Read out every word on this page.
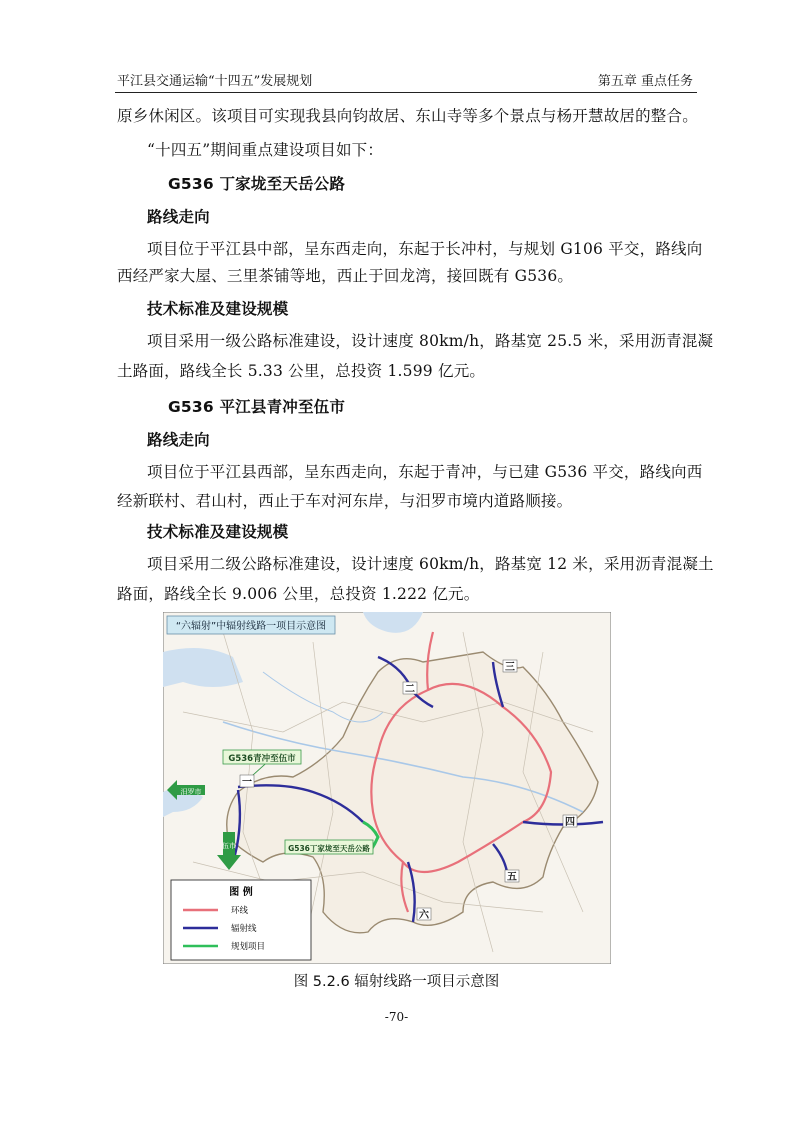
平江县交通运输“十四五”发展规划	第五章 重点任务
原乡休闲区。该项目可实现我县向钧故居、东山寺等多个景点与杨开慧故居的整合。
“十四五”期间重点建设项目如下：
G536 丁家垅至天岳公路
路线走向
项目位于平江县中部，呈东西走向，东起于长冲村，与规划 G106 平交，路线向
西经严家大屋、三里茶铺等地，西止于回龙湾，接回既有 G536。
技术标准及建设规模
项目采用一级公路标准建设，设计速度 80km/h，路基宽 25.5 米，采用沥青混凝
土路面，路线全长 5.33 公里，总投资 1.599 亿元。
G536 平江县青冲至伍市
路线走向
项目位于平江县西部，呈东西走向，东起于青冲，与已建 G536 平交，路线向西
经新联村、君山村，西止于车对河东岸，与汨罗市境内道路顺接。
技术标准及建设规模
项目采用二级公路标准建设，设计速度 60km/h，路基宽 12 米，采用沥青混凝土
路面，路线全长 9.006 公里，总投资 1.222 亿元。
“六辐射”中辐射线路一项目示意图
G536青冲至伍市
G536丁家垅至天岳公路
汨罗市
伍市
一
二
三
四
五
六
图 例
环线
辐射线
规划项目
图 5.2.6 辐射线路一项目示意图
-70-
